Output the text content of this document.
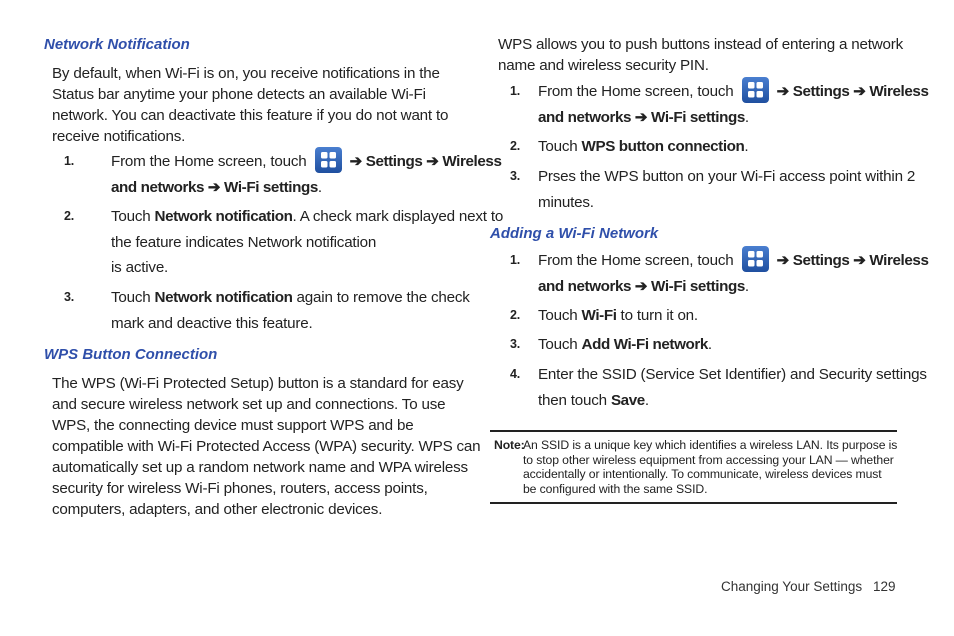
Network Notification
By default, when Wi-Fi is on, you receive notifications in the
Status bar anytime your phone detects an available Wi-Fi
network. You can deactivate this feature if you do not want to
receive notifications.
1. From the Home screen, touch	➔ Settings ➔ Wireless
and networks ➔ Wi-Fi settings.
2. Touch Network notification. A check mark displayed next to
the feature indicates Network notification
is active.
3. Touch Network notification again to remove the check
mark and deactive this feature.
WPS Button Connection
The WPS (Wi-Fi Protected Setup) button is a standard for easy
and secure wireless network set up and connections. To use
WPS, the connecting device must support WPS and be
compatible with Wi-Fi Protected Access (WPA) security. WPS can
automatically set up a random network name and WPA wireless
security for wireless Wi-Fi phones, routers, access points,
computers, adapters, and other electronic devices.
WPS allows you to push buttons instead of entering a network
name and wireless security PIN.
1. From the Home screen, touch	➔ Settings ➔ Wireless
and networks ➔ Wi-Fi settings.
2. Touch WPS button connection.
3. Prses the WPS button on your Wi-Fi access point within 2
minutes.
Adding a Wi-Fi Network
1. From the Home screen, touch	➔ Settings ➔ Wireless
and networks ➔ Wi-Fi settings.
2. Touch Wi-Fi to turn it on.
3. Touch Add Wi-Fi network.
4. Enter the SSID (Service Set Identifier) and Security settings
then touch Save.
Note:
An SSID is a unique key which identifies a wireless LAN. Its purpose is
to stop other wireless equipment from accessing your LAN — whether
accidentally or intentionally. To communicate, wireless devices must
be configured with the same SSID.
Changing Your Settings 129
